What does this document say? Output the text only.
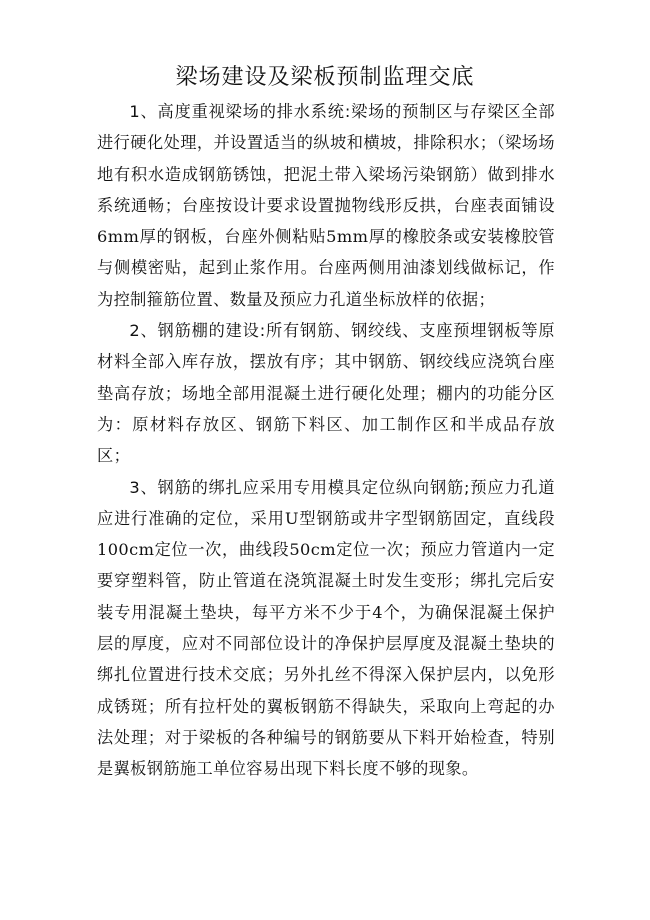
梁场建设及梁板预制监理交底

1、高度重视梁场的排水系统:梁场的预制区与存梁区全部进行硬化处理，并设置适当的纵坡和横坡，排除积水；（梁场场地有积水造成钢筋锈蚀，把泥土带入梁场污染钢筋）做到排水系统通畅；台座按设计要求设置抛物线形反拱，台座表面铺设6mm厚的钢板，台座外侧粘贴5mm厚的橡胶条或安装橡胶管与侧模密贴，起到止浆作用。台座两侧用油漆划线做标记，作为控制箍筋位置、数量及预应力孔道坐标放样的依据；

2、钢筋棚的建设:所有钢筋、钢绞线、支座预埋钢板等原材料全部入库存放，摆放有序；其中钢筋、钢绞线应浇筑台座垫高存放；场地全部用混凝土进行硬化处理；棚内的功能分区为：原材料存放区、钢筋下料区、加工制作区和半成品存放区；

3、钢筋的绑扎应采用专用模具定位纵向钢筋;预应力孔道应进行准确的定位，采用U型钢筋或井字型钢筋固定，直线段100cm定位一次，曲线段50cm定位一次；预应力管道内一定要穿塑料管，防止管道在浇筑混凝土时发生变形；绑扎完后安装专用混凝土垫块，每平方米不少于4个，为确保混凝土保护层的厚度，应对不同部位设计的净保护层厚度及混凝土垫块的绑扎位置进行技术交底；另外扎丝不得深入保护层内，以免形成锈斑；所有拉杆处的翼板钢筋不得缺失，采取向上弯起的办法处理；对于梁板的各种编号的钢筋要从下料开始检查，特别是翼板钢筋施工单位容易出现下料长度不够的现象。
